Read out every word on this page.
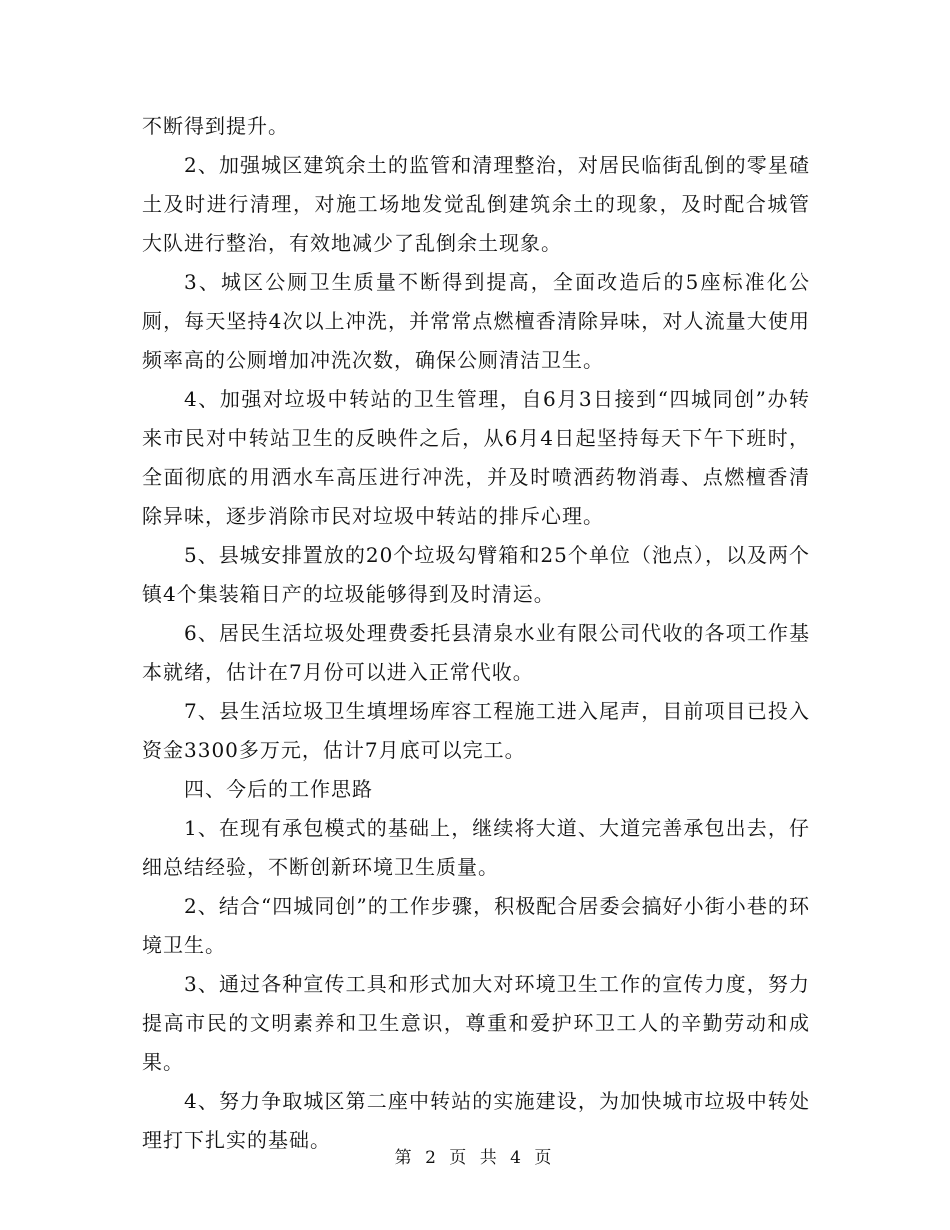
不断得到提升。

2、加强城区建筑余土的监管和清理整治，对居民临街乱倒的零星碴土及时进行清理，对施工场地发觉乱倒建筑余土的现象，及时配合城管大队进行整治，有效地减少了乱倒余土现象。

3、城区公厕卫生质量不断得到提高，全面改造后的5座标准化公厕，每天坚持4次以上冲洗，并常常点燃檀香清除异味，对人流量大使用频率高的公厕增加冲洗次数，确保公厕清洁卫生。

4、加强对垃圾中转站的卫生管理，自6月3日接到“四城同创”办转来市民对中转站卫生的反映件之后，从6月4日起坚持每天下午下班时，全面彻底的用洒水车高压进行冲洗，并及时喷洒药物消毒、点燃檀香清除异味，逐步消除市民对垃圾中转站的排斥心理。

5、县城安排置放的20个垃圾勾臂箱和25个单位（池点），以及两个镇4个集装箱日产的垃圾能够得到及时清运。

6、居民生活垃圾处理费委托县清泉水业有限公司代收的各项工作基本就绪，估计在7月份可以进入正常代收。

7、县生活垃圾卫生填埋场库容工程施工进入尾声，目前项目已投入资金3300多万元，估计7月底可以完工。

四、今后的工作思路

1、在现有承包模式的基础上，继续将大道、大道完善承包出去，仔细总结经验，不断创新环境卫生质量。

2、结合“四城同创”的工作步骤，积极配合居委会搞好小街小巷的环境卫生。

3、通过各种宣传工具和形式加大对环境卫生工作的宣传力度，努力提高市民的文明素养和卫生意识，尊重和爱护环卫工人的辛勤劳动和成果。

4、努力争取城区第二座中转站的实施建设，为加快城市垃圾中转处理打下扎实的基础。

第 2 页 共 4 页
